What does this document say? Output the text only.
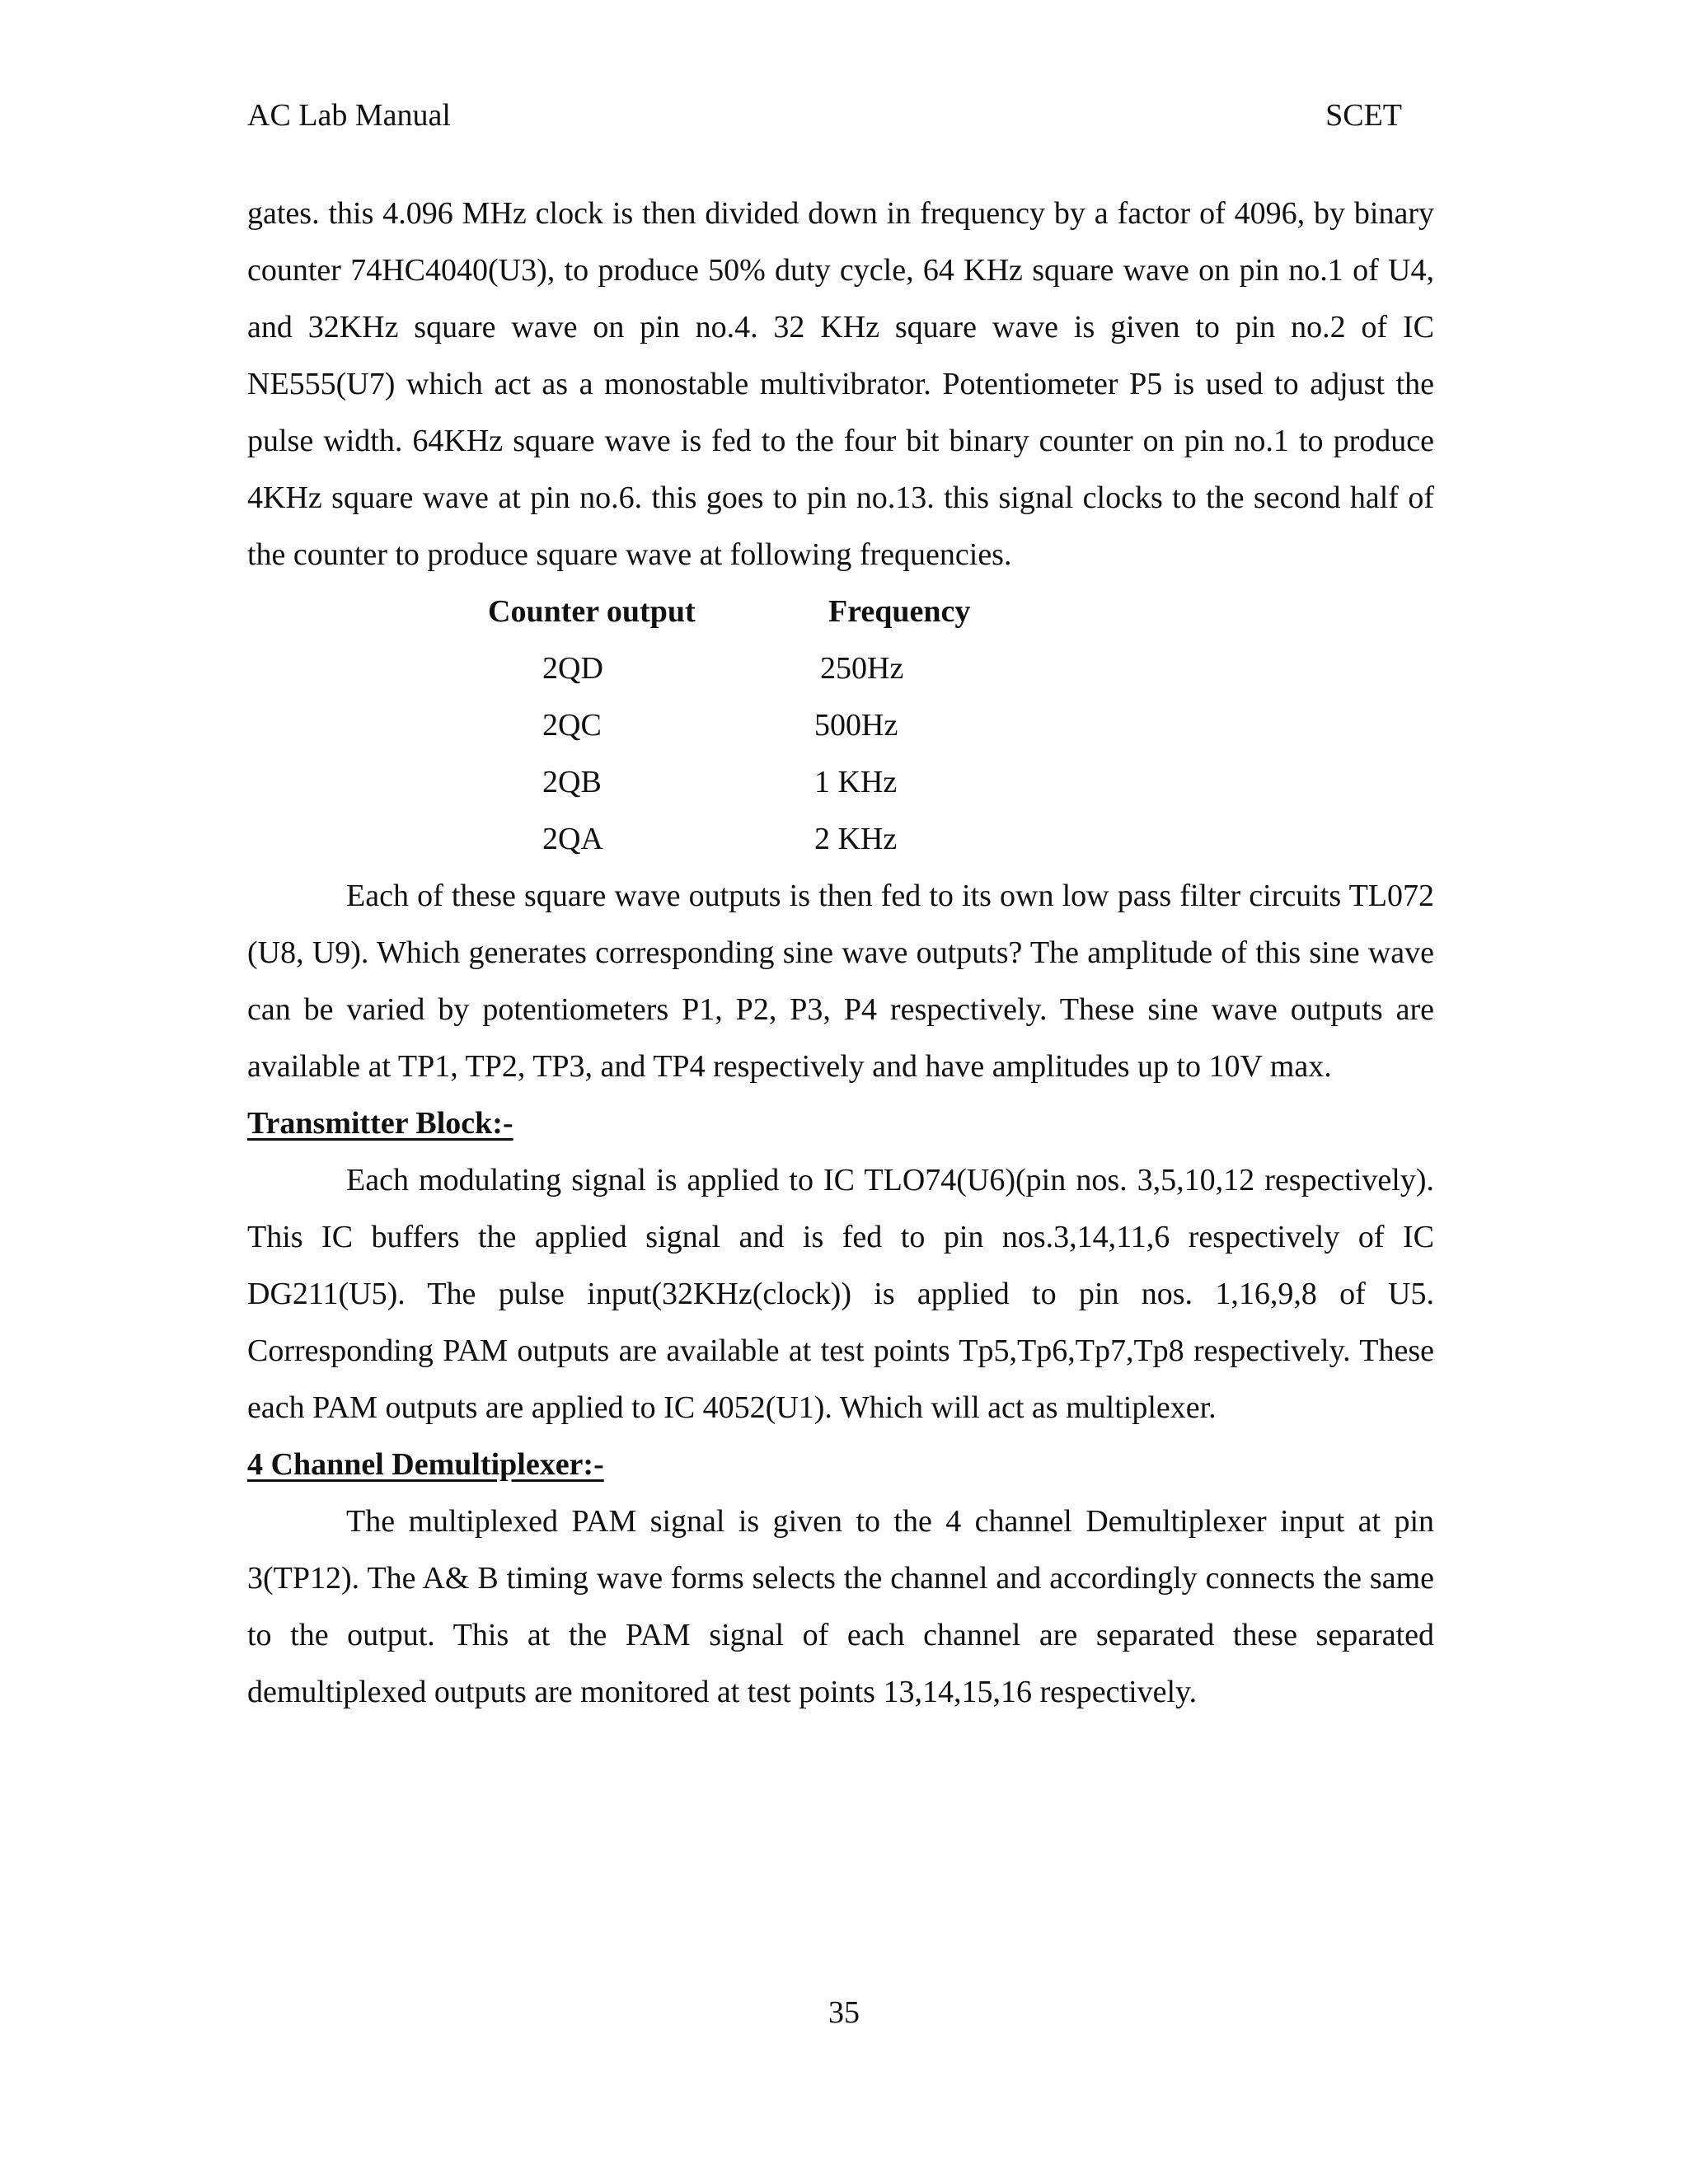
AC Lab Manual	SCET

gates. this 4.096 MHz clock is then divided down in frequency by a factor of 4096, by binary counter 74HC4040(U3), to produce 50% duty cycle, 64 KHz square wave on pin no.1 of U4, and 32KHz square wave on pin no.4. 32 KHz square wave is given to pin no.2 of IC NE555(U7) which act as a monostable multivibrator. Potentiometer P5 is used to adjust the pulse width. 64KHz square wave is fed to the four bit binary counter on pin no.1 to produce 4KHz square wave at pin no.6. this goes to pin no.13. this signal clocks to the second half of the counter to produce square wave at following frequencies.

Counter output	Frequency
2QD	250Hz
2QC	500Hz
2QB	1 KHz
2QA	2 KHz

Each of these square wave outputs is then fed to its own low pass filter circuits TL072 (U8, U9). Which generates corresponding sine wave outputs? The amplitude of this sine wave can be varied by potentiometers P1, P2, P3, P4 respectively. These sine wave outputs are available at TP1, TP2, TP3, and TP4 respectively and have amplitudes up to 10V max.

Transmitter Block:-

Each modulating signal is applied to IC TLO74(U6)(pin nos. 3,5,10,12 respectively). This IC buffers the applied signal and is fed to pin nos.3,14,11,6 respectively of IC DG211(U5). The pulse input(32KHz(clock)) is applied to pin nos. 1,16,9,8 of U5. Corresponding PAM outputs are available at test points Tp5,Tp6,Tp7,Tp8 respectively. These each PAM outputs are applied to IC 4052(U1). Which will act as multiplexer.

4 Channel Demultiplexer:-

The multiplexed PAM signal is given to the 4 channel Demultiplexer input at pin 3(TP12). The A& B timing wave forms selects the channel and accordingly connects the same to the output. This at the PAM signal of each channel are separated these separated demultiplexed outputs are monitored at test points 13,14,15,16 respectively.

35
